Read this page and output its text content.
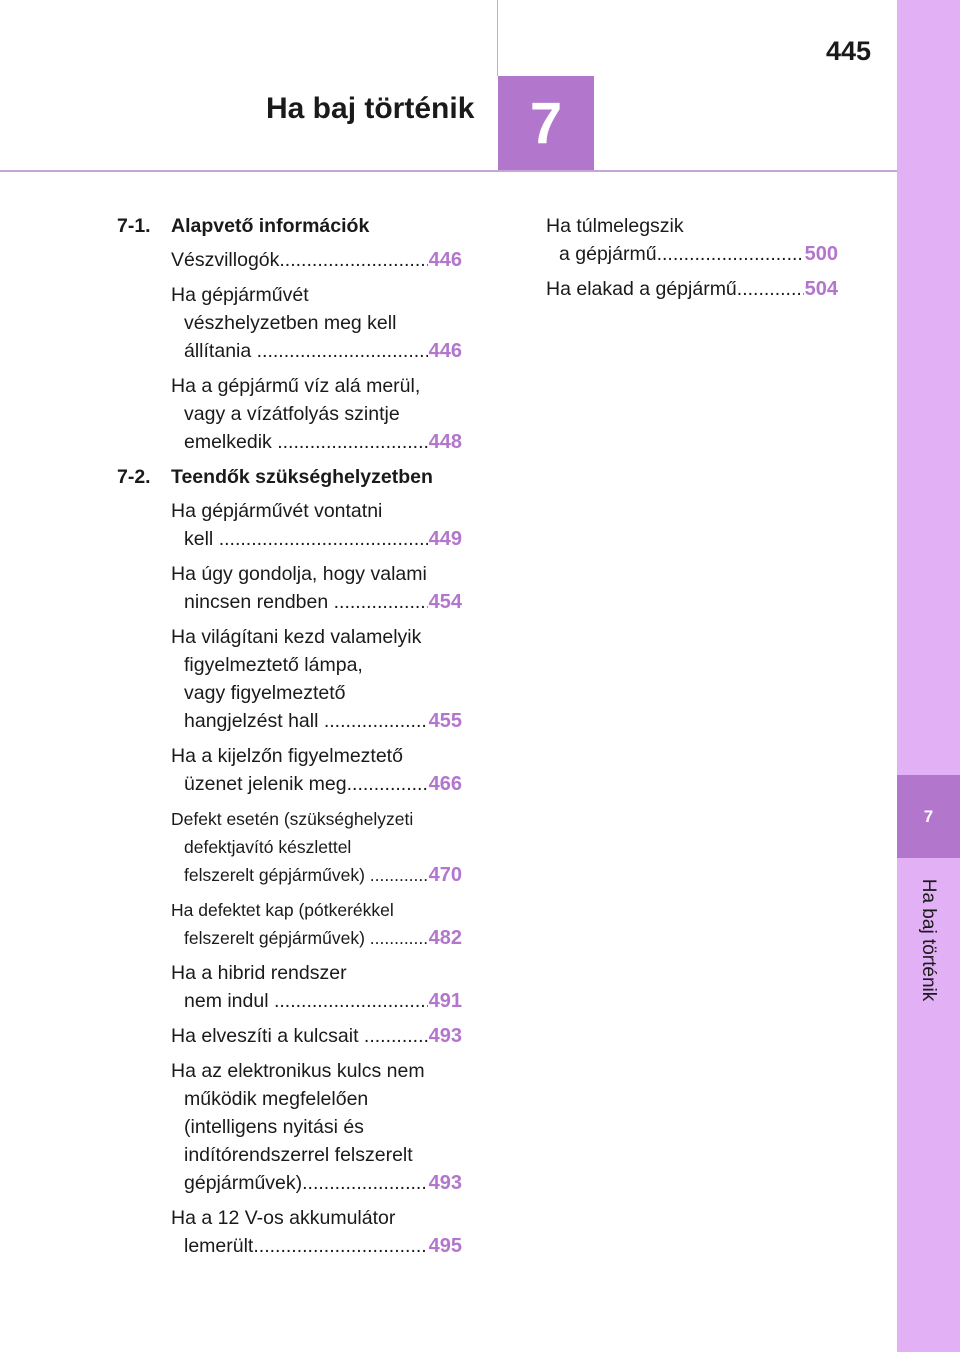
445
Ha baj történik 7
7
Ha baj történik
7-1.	Alapvető információk
Vészvillogók .....	446
Ha gépjárművét
vészhelyzetben meg kell
állítania .....	446
Ha a gépjármű víz alá merül,
vagy a vízátfolyás szintje
emelkedik .....	448
7-2.	Teendők szükséghelyzetben
Ha gépjárművét vontatni
kell .....	449
Ha úgy gondolja, hogy valami
nincsen rendben .....	454
Ha világítani kezd valamelyik
figyelmeztető lámpa,
vagy figyelmeztető
hangjelzést hall .....	455
Ha a kijelzőn figyelmeztető
üzenet jelenik meg .....	466
Defekt esetén (szükséghelyzeti
defektjavító készlettel
felszerelt gépjárművek) .....	470
Ha defektet kap (pótkerékkel
felszerelt gépjárművek) .....	482
Ha a hibrid rendszer
nem indul .....	491
Ha elveszíti a kulcsait .....	493
Ha az elektronikus kulcs nem
működik megfelelően
(intelligens nyitási és
indítórendszerrel felszerelt
gépjárművek) .....	493
Ha a 12 V-os akkumulátor
lemerült .....	495
Ha túlmelegszik
a gépjármű .....	500
Ha elakad a gépjármű .....	504
